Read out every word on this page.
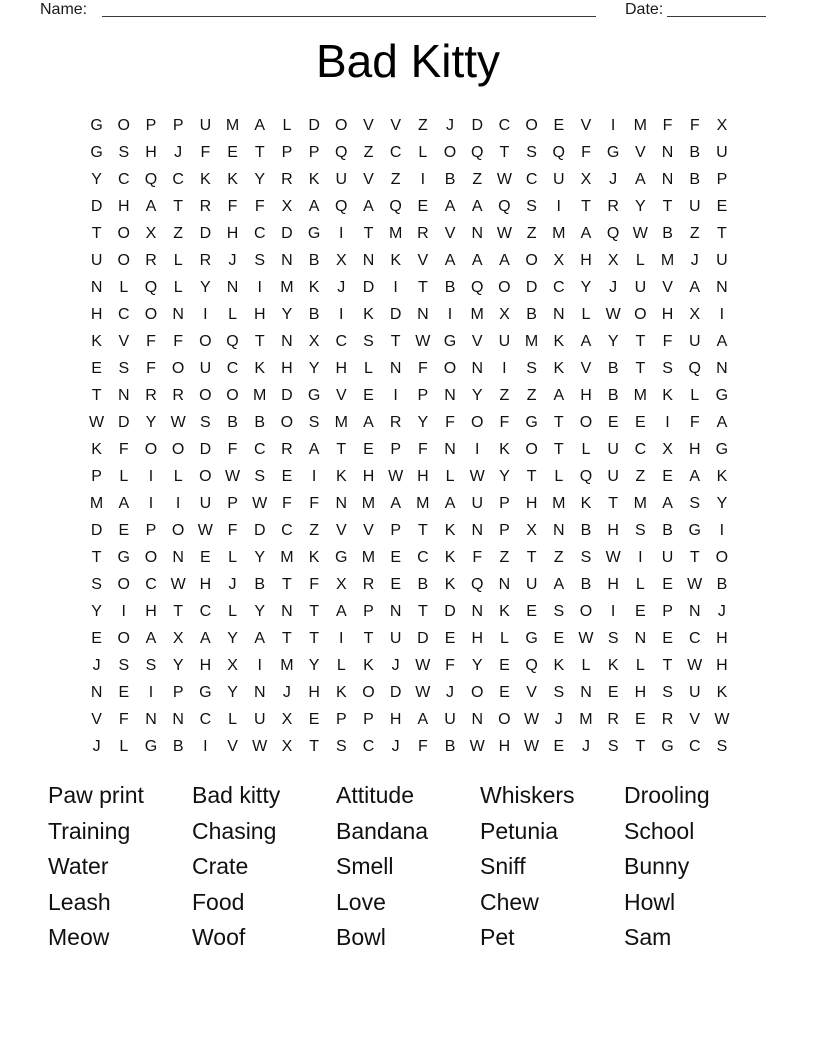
Name:	Date:
Bad Kitty
G O P	P	U M A	L	D O V	V	Z	J	D C O E	V	I	M F	F	X
G S	H	J	F	E	T	P	P Q	Z	C	L	O Q	T	S Q	F	G V	N	B	U
Y	C Q C	K	K	Y	R	K	U	V	Z	I	B	Z W C U	X	J	A	N	B	P
D H	A	T	R	F	F	X	A Q A Q E	A	A Q S	I	T	R	Y	T	U	E
T	O X	Z	D H C D G	I	T M R	V	N W Z M A Q W B	Z	T
U O R	L	R	J	S	N	B	X	N	K	V	A	A	A O X	H	X	L	M	J	U
N	L	Q	L	Y	N	I	M K	J	D	I	T	B Q O D C	Y	J	U	V	A	N
H C O N	I	L	H	Y	B	I	K	D N	I	M X	B	N	L W O H	X	I
K	V	F	F	O Q	T	N	X	C	S	T W G V	U M K	A	Y	T	F	U	A
E	S	F	O U C	K	H	Y	H	L	N	F	O N	I	S	K	V	B	T	S Q N
T	N R R O O M D G V	E	I	P	N	Y	Z	Z	A	H	B M K	L	G
W D	Y W S	B	B O S M A	R	Y	F	O	F	G	T	O E	E	I	F	A
K	F	O O D	F	C R	A	T	E	P	F	N	I	K O	T	L	U C	X	H G
P	L	I	L	O W S	E	I	K	H W H	L W Y	T	L	Q U	Z	E	A	K
M A	I	I	U	P W F	F	N M A M A	U	P	H M K	T M A	S	Y
D	E	P O W F	D C	Z	V	V	P	T	K	N	P	X	N	B	H	S	B G	I
T	G O N	E	L	Y M K G M E	C	K	F	Z	T	Z	S W	I	U	T	O
S O C W H	J	B	T	F	X	R	E	B	K Q N U	A	B	H	L	E W B
Y	I	H	T	C	L	Y	N	T	A	P	N	T	D N	K	E	S O	I	E	P	N	J
E O A	X	A	Y	A	T	T	I	T	U D	E	H	L	G E W S	N	E	C H
J	S	S	Y	H	X	I	M Y	L	K	J W F	Y	E Q K	L	K	L	T W H
N	E	I	P G Y	N	J	H	K O D W J	O E	V	S	N	E	H	S	U	K
V	F	N N C	L	U	X	E	P	P	H	A	U N O W J	M R	E	R	V W
J	L	G B	I	V W X	T	S	C	J	F	B W H W E	J	S	T	G C	S
Paw print
Training
Water
Leash
Meow
Bad kitty
Chasing
Crate
Food
Woof
Attitude
Bandana
Smell
Love
Bowl
Whiskers
Petunia
Sniff
Chew
Pet
Drooling
School
Bunny
Howl
Sam
